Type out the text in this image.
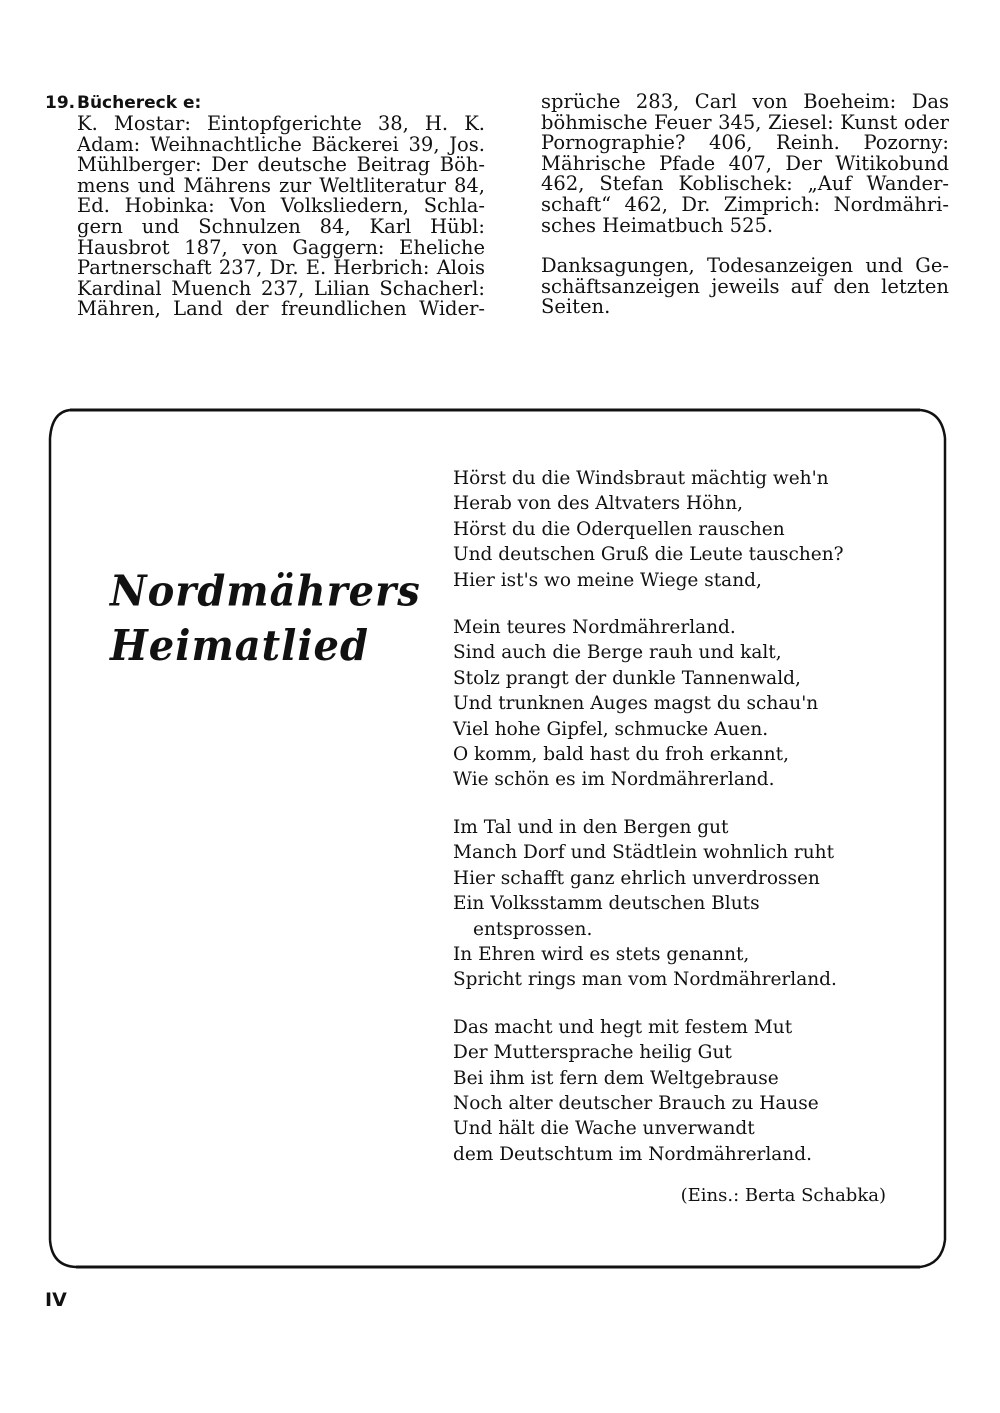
19. Büchereck e:
K. Mostar: Eintopfgerichte 38, H. K.
Adam: Weihnachtliche Bäckerei 39, Jos.
Mühlberger: Der deutsche Beitrag Böh-
mens und Mährens zur Weltliteratur 84,
Ed. Hobinka: Von Volksliedern, Schla-
gern und Schnulzen 84, Karl Hübl:
Hausbrot 187, von Gaggern: Eheliche
Partnerschaft 237, Dr. E. Herbrich: Alois
Kardinal Muench 237, Lilian Schacherl:
Mähren, Land der freundlichen Wider-
sprüche 283, Carl von Boeheim: Das
böhmische Feuer 345, Ziesel: Kunst oder
Pornographie? 406, Reinh. Pozorny:
Mährische Pfade 407, Der Witikobund
462, Stefan Koblischek: „Auf Wander-
schaft“ 462, Dr. Zimprich: Nordmähri-
sches Heimatbuch 525.
Danksagungen, Todesanzeigen und Ge-
schäftsanzeigen jeweils auf den letzten
Seiten.
Nordmährers
Heimatlied
Hörst du die Windsbraut mächtig weh'n
Herab von des Altvaters Höhn,
Hörst du die Oderquellen rauschen
Und deutschen Gruß die Leute tauschen?
Hier ist's wo meine Wiege stand,
Mein teures Nordmährerland.
Sind auch die Berge rauh und kalt,
Stolz prangt der dunkle Tannenwald,
Und trunknen Auges magst du schau'n
Viel hohe Gipfel, schmucke Auen.
O komm, bald hast du froh erkannt,
Wie schön es im Nordmährerland.
Im Tal und in den Bergen gut
Manch Dorf und Städtlein wohnlich ruht
Hier schafft ganz ehrlich unverdrossen
Ein Volksstamm deutschen Bluts
entsprossen.
In Ehren wird es stets genannt,
Spricht rings man vom Nordmährerland.
Das macht und hegt mit festem Mut
Der Muttersprache heilig Gut
Bei ihm ist fern dem Weltgebrause
Noch alter deutscher Brauch zu Hause
Und hält die Wache unverwandt
dem Deutschtum im Nordmährerland.
(Eins.: Berta Schabka)
IV
